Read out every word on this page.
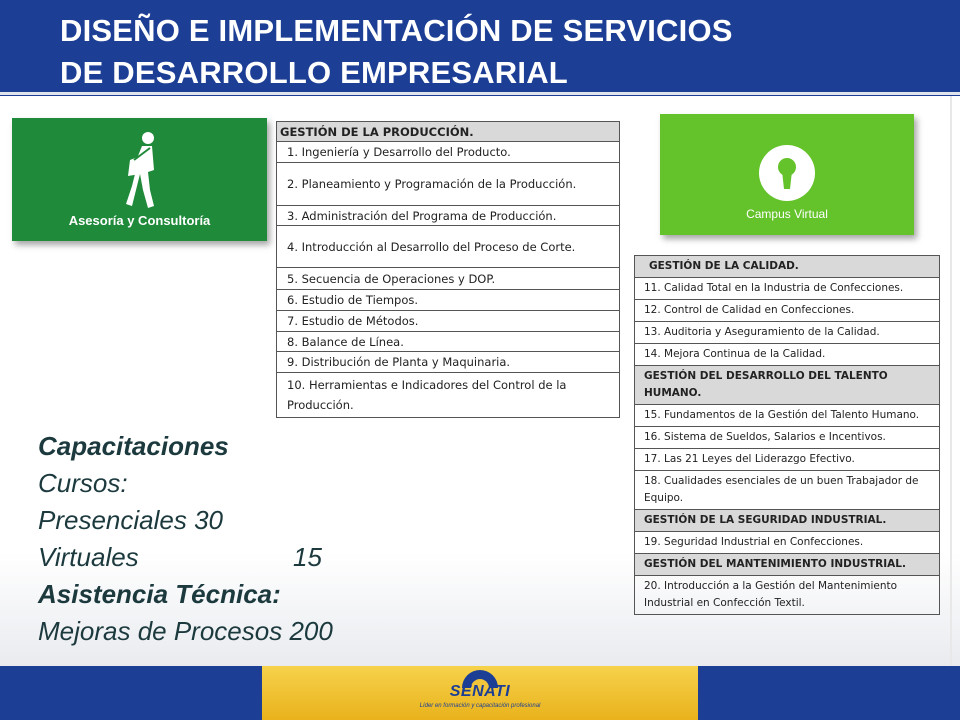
DISEÑO E IMPLEMENTACIÓN DE SERVICIOS
DE DESARROLLO EMPRESARIAL
Asesoría y Consultoría	Campus Virtual
GESTIÓN DE LA PRODUCCIÓN.
1. Ingeniería y Desarrollo del Producto.
2. Planeamiento y Programación de la Producción.
3. Administración del Programa de Producción.
4. Introducción al Desarrollo del Proceso de Corte.
5. Secuencia de Operaciones y DOP.
6. Estudio de Tiempos.
7. Estudio de Métodos.
8. Balance de Línea.
9. Distribución de Planta y Maquinaria.
10. Herramientas e Indicadores del Control de la Producción.
GESTIÓN DE LA CALIDAD.
11. Calidad Total en la Industria de Confecciones.
12. Control de Calidad en Confecciones.
13. Auditoria y Aseguramiento de la Calidad.
14. Mejora Continua de la Calidad.
GESTIÓN DEL DESARROLLO DEL TALENTO HUMANO.
15. Fundamentos de la Gestión del Talento Humano.
16. Sistema de Sueldos, Salarios e Incentivos.
17. Las 21 Leyes del Liderazgo Efectivo.
18. Cualidades esenciales de un buen Trabajador de Equipo.
GESTIÓN DE LA SEGURIDAD INDUSTRIAL.
19. Seguridad Industrial en Confecciones.
GESTIÓN DEL MANTENIMIENTO INDUSTRIAL.
20. Introducción a la Gestión del Mantenimiento Industrial en Confección Textil.
Capacitaciones
Cursos:
Presenciales 30
Virtuales	15
Asistencia Técnica:
Mejoras de Procesos 200
SENATI
Líder en formación y capacitación profesional
